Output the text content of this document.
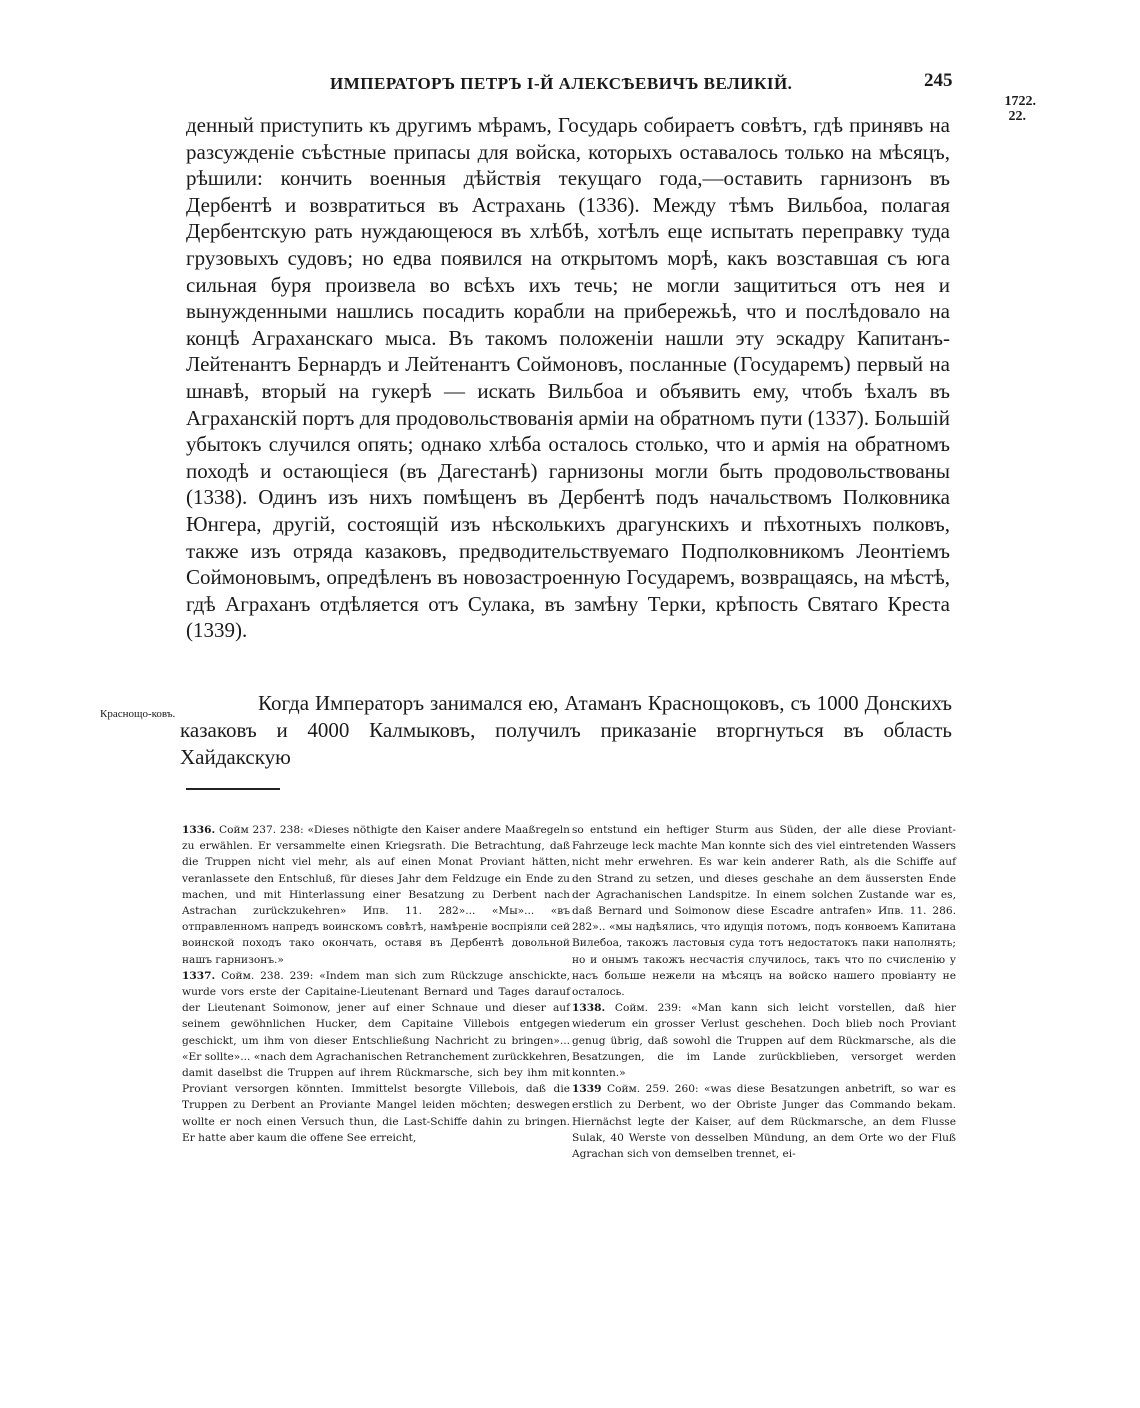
ИМПЕРАТОРЪ ПЕТРЪ I-Й АЛЕКСѢЕВИЧЪ ВЕЛИКІЙ.	245
1722.
22.

денный приступить къ другимъ мѣрамъ, Государь собираетъ совѣтъ, гдѣ принявъ на разсужденіе съѣстные припасы для войска, которыхъ оставалось только на мѣсяцъ, рѣшили: кончить военныя дѣйствія текущаго года,—оставить гарнизонъ въ Дербентѣ и возвратиться въ Астрахань (1336). Между тѣмъ Вильбоа, полагая Дербентскую рать нуждающеюся въ хлѣбѣ, хотѣлъ еще испытать переправку туда грузовыхъ судовъ; но едва появился на открытомъ морѣ, какъ возставшая съ юга сильная буря произвела во всѣхъ ихъ течь; не могли защититься отъ нея и вынужденными нашлись посадить корабли на прибережьѣ, что и послѣдовало на концѣ Аграханскаго мыса. Въ такомъ положеніи нашли эту эскадру Капитанъ-Лейтенантъ Бернардъ и Лейтенантъ Соймоновъ, посланные (Государемъ) первый на шнавѣ, вторый на гукерѣ — искать Вильбоа и объявить ему, чтобъ ѣхалъ въ Аграханскій портъ для продовольствованія арміи на обратномъ пути (1337). Большій убытокъ случился опять; однако хлѣба осталось столько, что и армія на обратномъ походѣ и остающіеся (въ Дагестанѣ) гарнизоны могли быть продовольствованы (1338). Одинъ изъ нихъ помѣщенъ въ Дербентѣ подъ начальствомъ Полковника Юнгера, другій, состоящій изъ нѣсколькихъ драгунскихъ и пѣхотныхъ полковъ, также изъ отряда казаковъ, предводительствуемаго Подполковникомъ Леонтіемъ Соймоновымъ, опредѣленъ въ новозастроенную Государемъ, возвращаясь, на мѣстѣ, гдѣ Аграханъ отдѣляется отъ Сулака, въ замѣну Терки, крѣпость Святаго Креста (1339).

Краснощо-ковъ.	Когда Императоръ занимался ею, Атаманъ Краснощоковъ, съ 1000 Донскихъ казаковъ и 4000 Калмыковъ, получилъ приказаніе вторгнуться въ область Хайдакскую

1336. Сойм 237. 238: «Dieses nöthigte den Kaiser andere Maaßregeln zu erwählen. Er versammelte einen Kriegsrath. Die Betrachtung, daß die Truppen nicht viel mehr, als auf einen Monat Proviant hätten, veranlassete den Entschluß, für dieses Jahr dem Feldzuge ein Ende zu machen, und mit Hinterlassung einer Besatzung zu Derbent nach Astrachan zurückzukehren» Ипв. 11. 282»... «Мы»... «въ отправленномъ напредъ воинскомъ совѣтѣ, намѣреніе воспріяли сей воинской походъ тако окончать, оставя въ Дербентѣ довольной нашъ гарнизонъ.»

1337. Сойм. 238. 239: «Indem man sich zum Rückzuge anschickte, wurde vors erste der Capitaine-Lieutenant Bernard und Tages darauf der Lieutenant Soimonow, jener auf einer Schnaue und dieser auf seinem gewöhnlichen Hucker, dem Capitaine Villebois entgegen geschickt, um ihm von dieser Entschließung Nachricht zu bringen»... «Er sollte»... «nach dem Agrachanischen Retranchement zurückkehren, damit daselbst die Truppen auf ihrem Rückmarsche, sich bey ihm mit Proviant versorgen könnten. Immittelst besorgte Villebois, daß die Truppen zu Derbent an Proviante Mangel leiden möchten; deswegen wollte er noch einen Versuch thun, die Last-Schiffe dahin zu bringen. Er hatte aber kaum die offene See erreicht,

so entstund ein heftiger Sturm aus Süden, der alle diese Proviant-Fahrzeuge leck machte Man konnte sich des viel eintretenden Wassers nicht mehr erwehren. Es war kein anderer Rath, als die Schiffe auf den Strand zu setzen, und dieses geschahe an dem äussersten Ende der Agrachanischen Landspitze. In einem solchen Zustande war es, daß Bernard und Soimonow diese Escadre antrafen» Ипв. 11. 286. 282».. «мы надѣялись, что идущія потомъ, подъ конвоемъ Капитана Вилебоа, такожъ ластовыя суда тотъ недостатокъ паки наполнять; но и онымъ такожъ несчастія случилось, такъ что по счисленію у насъ больше нежели на мѣсяцъ на войско нашего провіанту не осталось.

1338. Сойм. 239: «Man kann sich leicht vorstellen, daß hier wiederum ein grosser Verlust geschehen. Doch blieb noch Proviant genug übrig, daß sowohl die Truppen auf dem Rückmarsche, als die Besatzungen, die im Lande zurückblieben, versorget werden konnten.»

1339 Сойм. 259. 260: «was diese Besatzungen anbetrift, so war es erstlich zu Derbent, wo der Obriste Junger das Commando bekam. Hiernächst legte der Kaiser, auf dem Rückmarsche, an dem Flusse Sulak, 40 Werste von desselben Mündung, an dem Orte wo der Fluß Agrachan sich von demselben trennet, ei-
